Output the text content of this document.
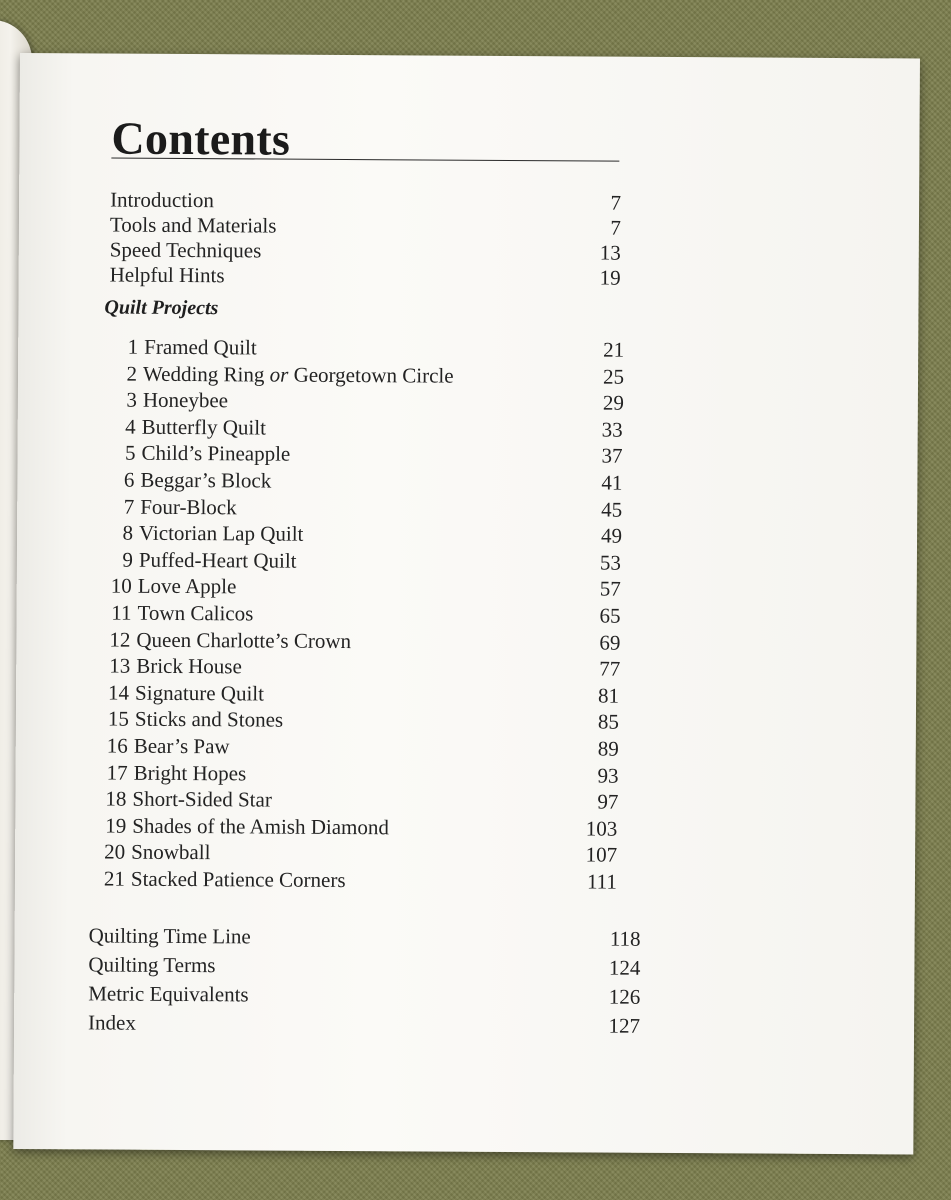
Contents
Introduction	7
Tools and Materials	7
Speed Techniques	13
Helpful Hints	19
Quilt Projects
1 Framed Quilt	21
2 Wedding Ring or Georgetown Circle	25
3 Honeybee	29
4 Butterfly Quilt	33
5 Child’s Pineapple	37
6 Beggar’s Block	41
7 Four-Block	45
8 Victorian Lap Quilt	49
9 Puffed-Heart Quilt	53
10 Love Apple	57
11 Town Calicos	65
12 Queen Charlotte’s Crown	69
13 Brick House	77
14 Signature Quilt	81
15 Sticks and Stones	85
16 Bear’s Paw	89
17 Bright Hopes	93
18 Short-Sided Star	97
19 Shades of the Amish Diamond	103
20 Snowball	107
21 Stacked Patience Corners	111
Quilting Time Line	118
Quilting Terms	124
Metric Equivalents	126
Index	127
